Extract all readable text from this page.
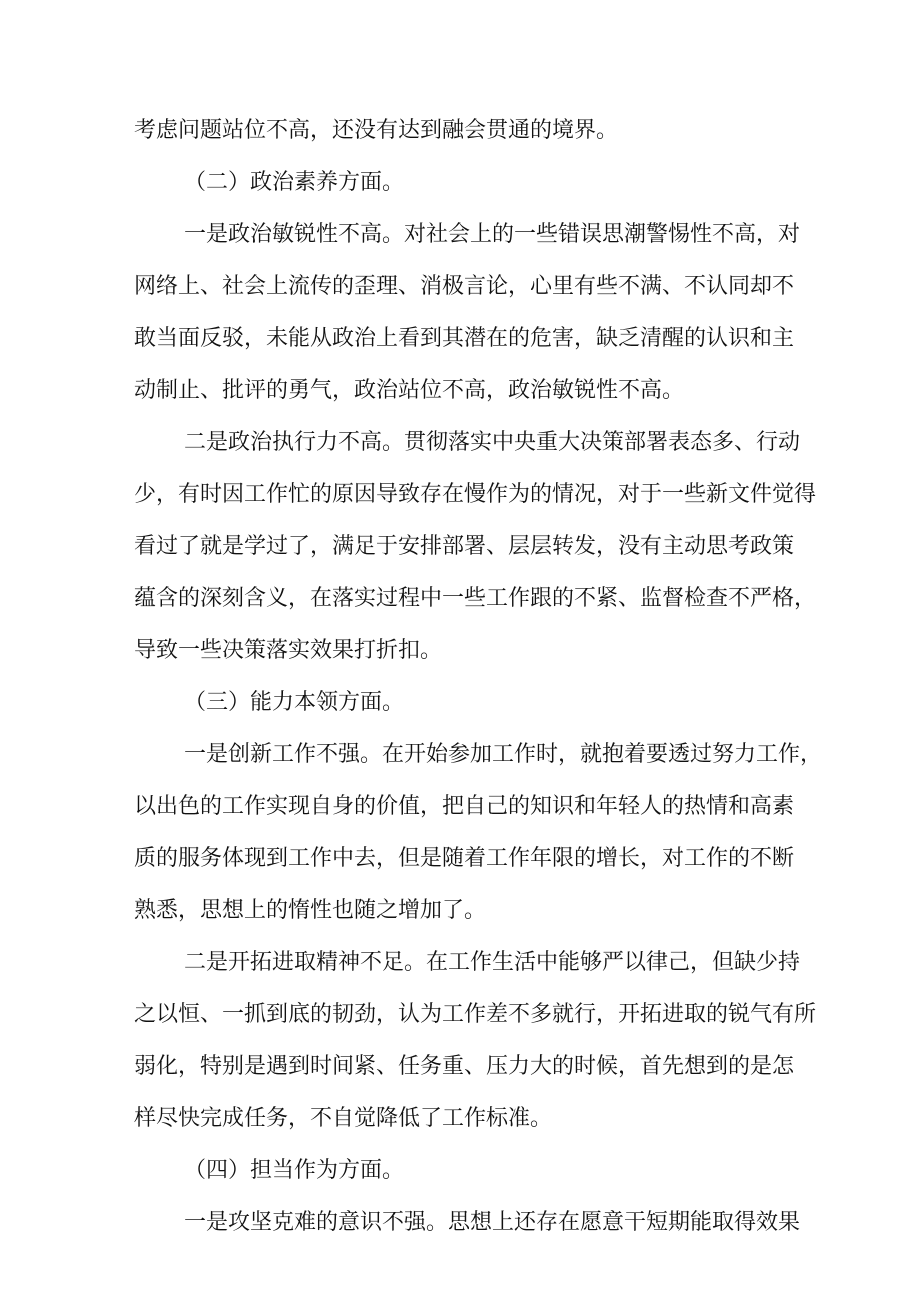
考虑问题站位不高，还没有达到融会贯通的境界。
（二）政治素养方面。
一是政治敏锐性不高。对社会上的一些错误思潮警惕性不高，对
网络上、社会上流传的歪理、消极言论，心里有些不满、不认同却不
敢当面反驳，未能从政治上看到其潜在的危害，缺乏清醒的认识和主
动制止、批评的勇气，政治站位不高，政治敏锐性不高。
二是政治执行力不高。贯彻落实中央重大决策部署表态多、行动
少，有时因工作忙的原因导致存在慢作为的情况，对于一些新文件觉得
看过了就是学过了，满足于安排部署、层层转发，没有主动思考政策
蕴含的深刻含义，在落实过程中一些工作跟的不紧、监督检查不严格，
导致一些决策落实效果打折扣。
（三）能力本领方面。
一是创新工作不强。在开始参加工作时，就抱着要透过努力工作，
以出色的工作实现自身的价值，把自己的知识和年轻人的热情和高素
质的服务体现到工作中去，但是随着工作年限的增长，对工作的不断
熟悉，思想上的惰性也随之增加了。
二是开拓进取精神不足。在工作生活中能够严以律己，但缺少持
之以恒、一抓到底的韧劲，认为工作差不多就行，开拓进取的锐气有所
弱化，特别是遇到时间紧、任务重、压力大的时候，首先想到的是怎
样尽快完成任务，不自觉降低了工作标准。
（四）担当作为方面。
一是攻坚克难的意识不强。思想上还存在愿意干短期能取得效果
